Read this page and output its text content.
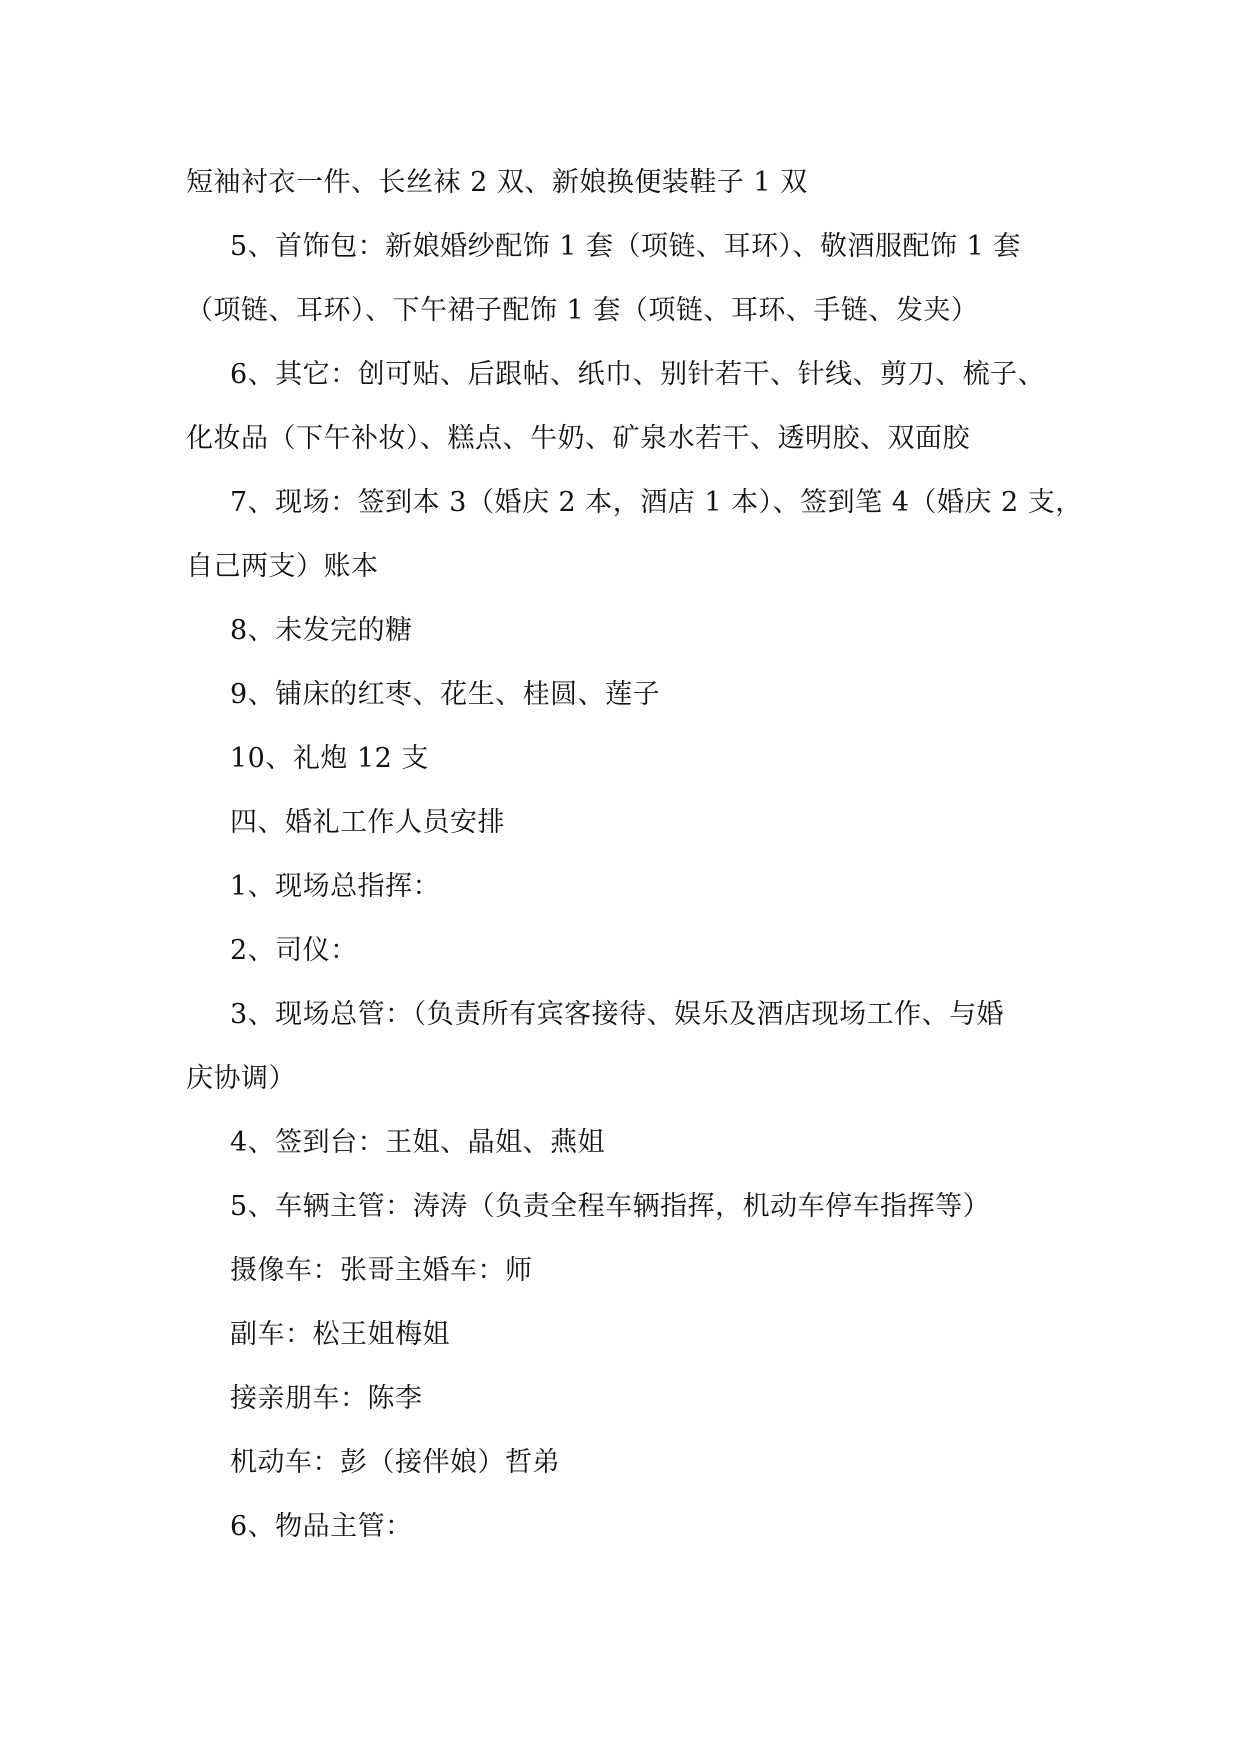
短袖衬衣一件、长丝袜 2 双、新娘换便装鞋子 1 双
5、首饰包：新娘婚纱配饰 1 套（项链、耳环）、敬酒服配饰 1 套
（项链、耳环）、下午裙子配饰 1 套（项链、耳环、手链、发夹）
6、其它：创可贴、后跟帖、纸巾、别针若干、针线、剪刀、梳子、
化妆品（下午补妆）、糕点、牛奶、矿泉水若干、透明胶、双面胶
7、现场：签到本 3（婚庆 2 本，酒店 1 本）、签到笔 4（婚庆 2 支，
自己两支）账本
8、未发完的糖
9、铺床的红枣、花生、桂圆、莲子
10、礼炮 12 支
四、婚礼工作人员安排
1、现场总指挥：
2、司仪：
3、现场总管：（负责所有宾客接待、娱乐及酒店现场工作、与婚
庆协调）
4、签到台：王姐、晶姐、燕姐
5、车辆主管：涛涛（负责全程车辆指挥，机动车停车指挥等）
摄像车：张哥主婚车：师
副车：松王姐梅姐
接亲朋车：陈李
机动车：彭（接伴娘）哲弟
6、物品主管：
